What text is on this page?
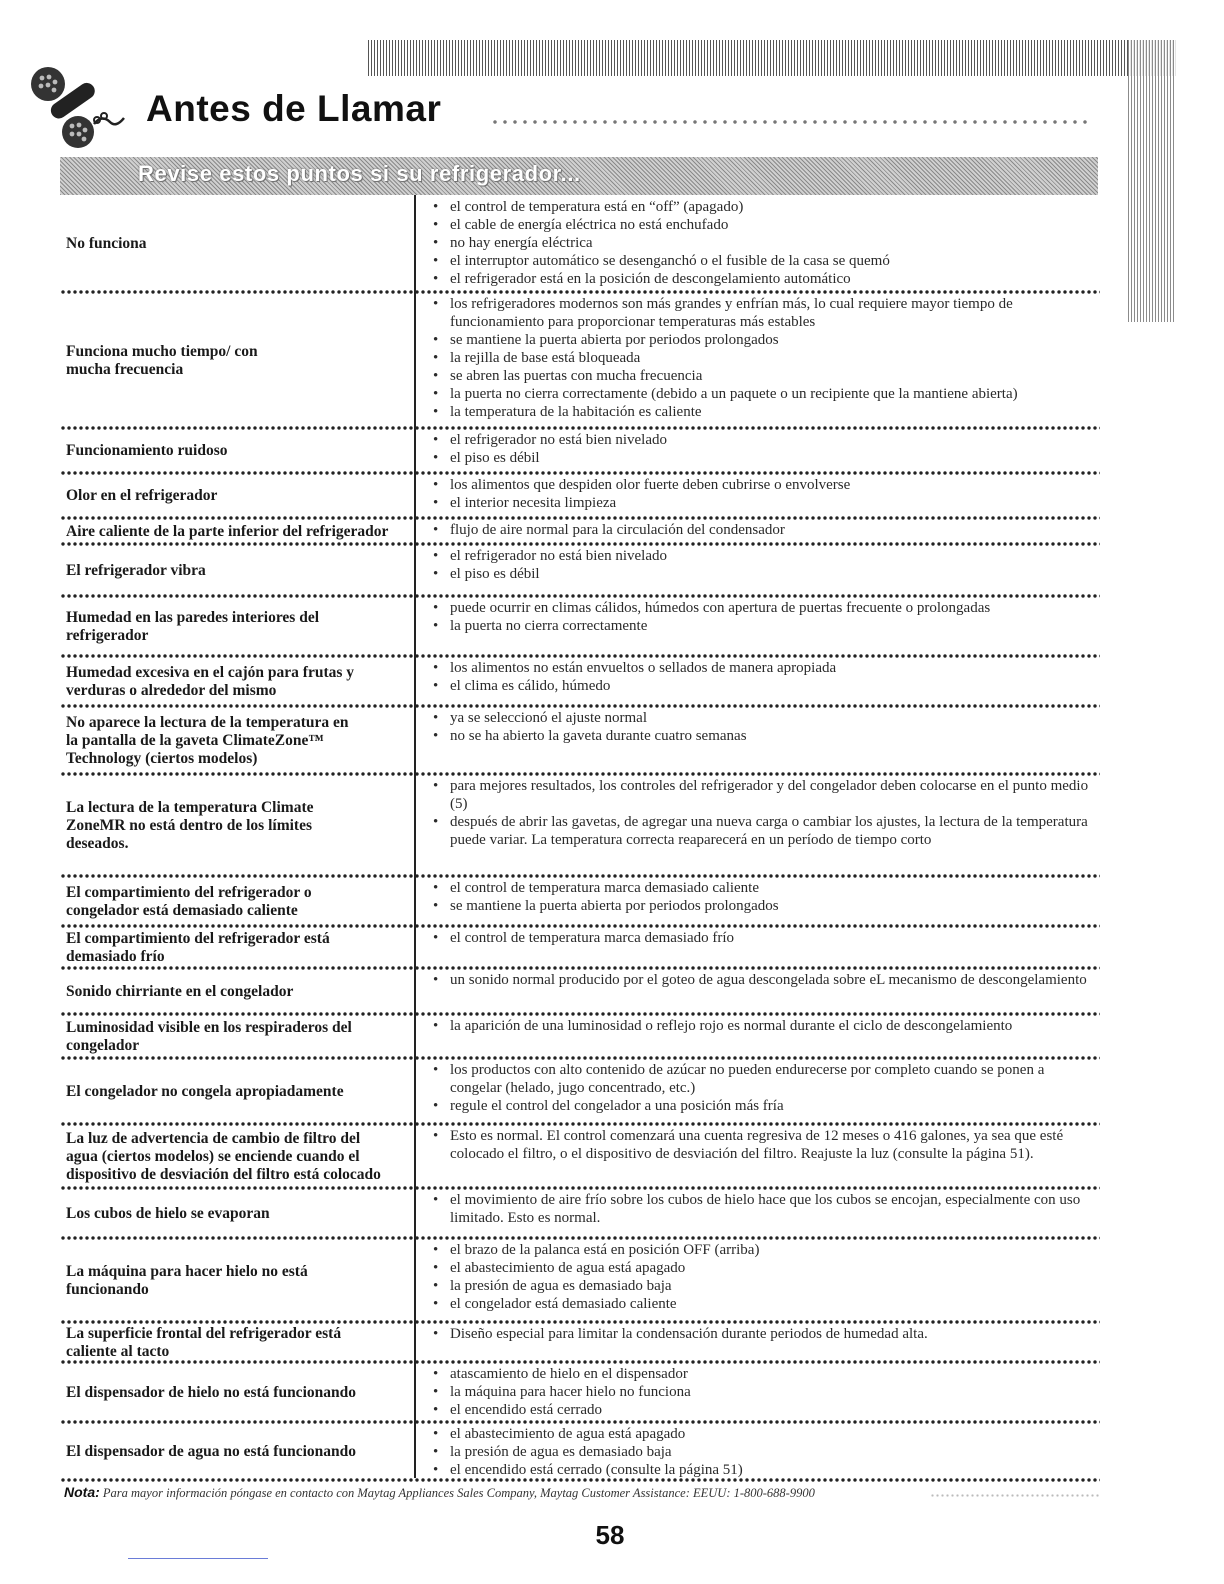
Antes de Llamar
Revise estos puntos si su refrigerador...
No funciona
• el control de temperatura está en “off” (apagado)
• el cable de energía eléctrica no está enchufado
• no hay energía eléctrica
• el interruptor automático se desenganchó o el fusible de la casa se quemó
• el refrigerador está en la posición de descongelamiento automático
Funciona mucho tiempo/ con
mucha frecuencia
• los refrigeradores modernos son más grandes y enfrían más, lo cual requiere mayor tiempo de funcionamiento para proporcionar temperaturas más estables
• se mantiene la puerta abierta por periodos prolongados
• la rejilla de base está bloqueada
• se abren las puertas con mucha frecuencia
• la puerta no cierra correctamente (debido a un paquete o un recipiente que la mantiene abierta)
• la temperatura de la habitación es caliente
Funcionamiento ruidoso
• el refrigerador no está bien nivelado
• el piso es débil
Olor en el refrigerador
• los alimentos que despiden olor fuerte deben cubrirse o envolverse
• el interior necesita limpieza
Aire caliente de la parte inferior del refrigerador
•	flujo de aire normal para la circulación del condensador
El refrigerador vibra
• el refrigerador no está bien nivelado
• el piso es débil
Humedad en las paredes interiores del
refrigerador
• puede ocurrir en climas cálidos, húmedos con apertura de puertas frecuente o prolongadas
• la puerta no cierra correctamente
Humedad excesiva en el cajón para frutas y
verduras o alrededor del mismo
• los alimentos no están envueltos o sellados de manera apropiada
• el clima es cálido, húmedo
No aparece la lectura de la temperatura en
la pantalla de la gaveta ClimateZone™
Technology (ciertos modelos)
• ya se seleccionó el ajuste normal
• no se ha abierto la gaveta durante cuatro semanas
La lectura de la temperatura Climate
ZoneMR no está dentro de los límites
deseados.
• para mejores resultados, los controles del refrigerador y del congelador deben colocarse en el punto medio (5)
• después de abrir las gavetas, de agregar una nueva carga o cambiar los ajustes, la lectura de la temperatura puede variar. La temperatura correcta reaparecerá en un período de tiempo corto
El compartimiento del refrigerador o
congelador está demasiado caliente
• el control de temperatura marca demasiado caliente
• se mantiene la puerta abierta por periodos prolongados
El compartimiento del refrigerador está
demasiado frío
• el control de temperatura marca demasiado frío
Sonido chirriante en el congelador
• un sonido normal producido por el goteo de agua descongelada sobre eL mecanismo de descongelamiento
Luminosidad visible en los respiraderos del
congelador
• la aparición de una luminosidad o reflejo rojo es normal durante el ciclo de descongelamiento
El congelador no congela apropiadamente
• los productos con alto contenido de azúcar no pueden endurecerse por completo cuando se ponen a congelar (helado, jugo concentrado, etc.)
• regule el control del congelador a una posición más fría
La luz de advertencia de cambio de filtro del
agua (ciertos modelos) se enciende cuando el
dispositivo de desviación del filtro está colocado
• Esto es normal. El control comenzará una cuenta regresiva de 12 meses o 416 galones, ya sea que esté colocado el filtro, o el dispositivo de desviación del filtro. Reajuste la luz (consulte la página 51).
Los cubos de hielo se evaporan
• el movimiento de aire frío sobre los cubos de hielo hace que los cubos se encojan, especialmente con uso limitado. Esto es normal.
La máquina para hacer hielo no está
funcionando
• el brazo de la palanca está en posición OFF (arriba)
• el abastecimiento de agua está apagado
• la presión de agua es demasiado baja
• el congelador está demasiado caliente
La superficie frontal del refrigerador está
caliente al tacto
• Diseño especial para limitar la condensación durante periodos de humedad alta.
El dispensador de hielo no está funcionando
• atascamiento de hielo en el dispensador
• la máquina para hacer hielo no funciona
• el encendido está cerrado
El dispensador de agua no está funcionando
• el abastecimiento de agua está apagado
• la presión de agua es demasiado baja
• el encendido está cerrado (consulte la página 51)
Nota: Para mayor información póngase en contacto con Maytag Appliances Sales Company, Maytag Customer Assistance: EEUU: 1-800-688-9900
58
